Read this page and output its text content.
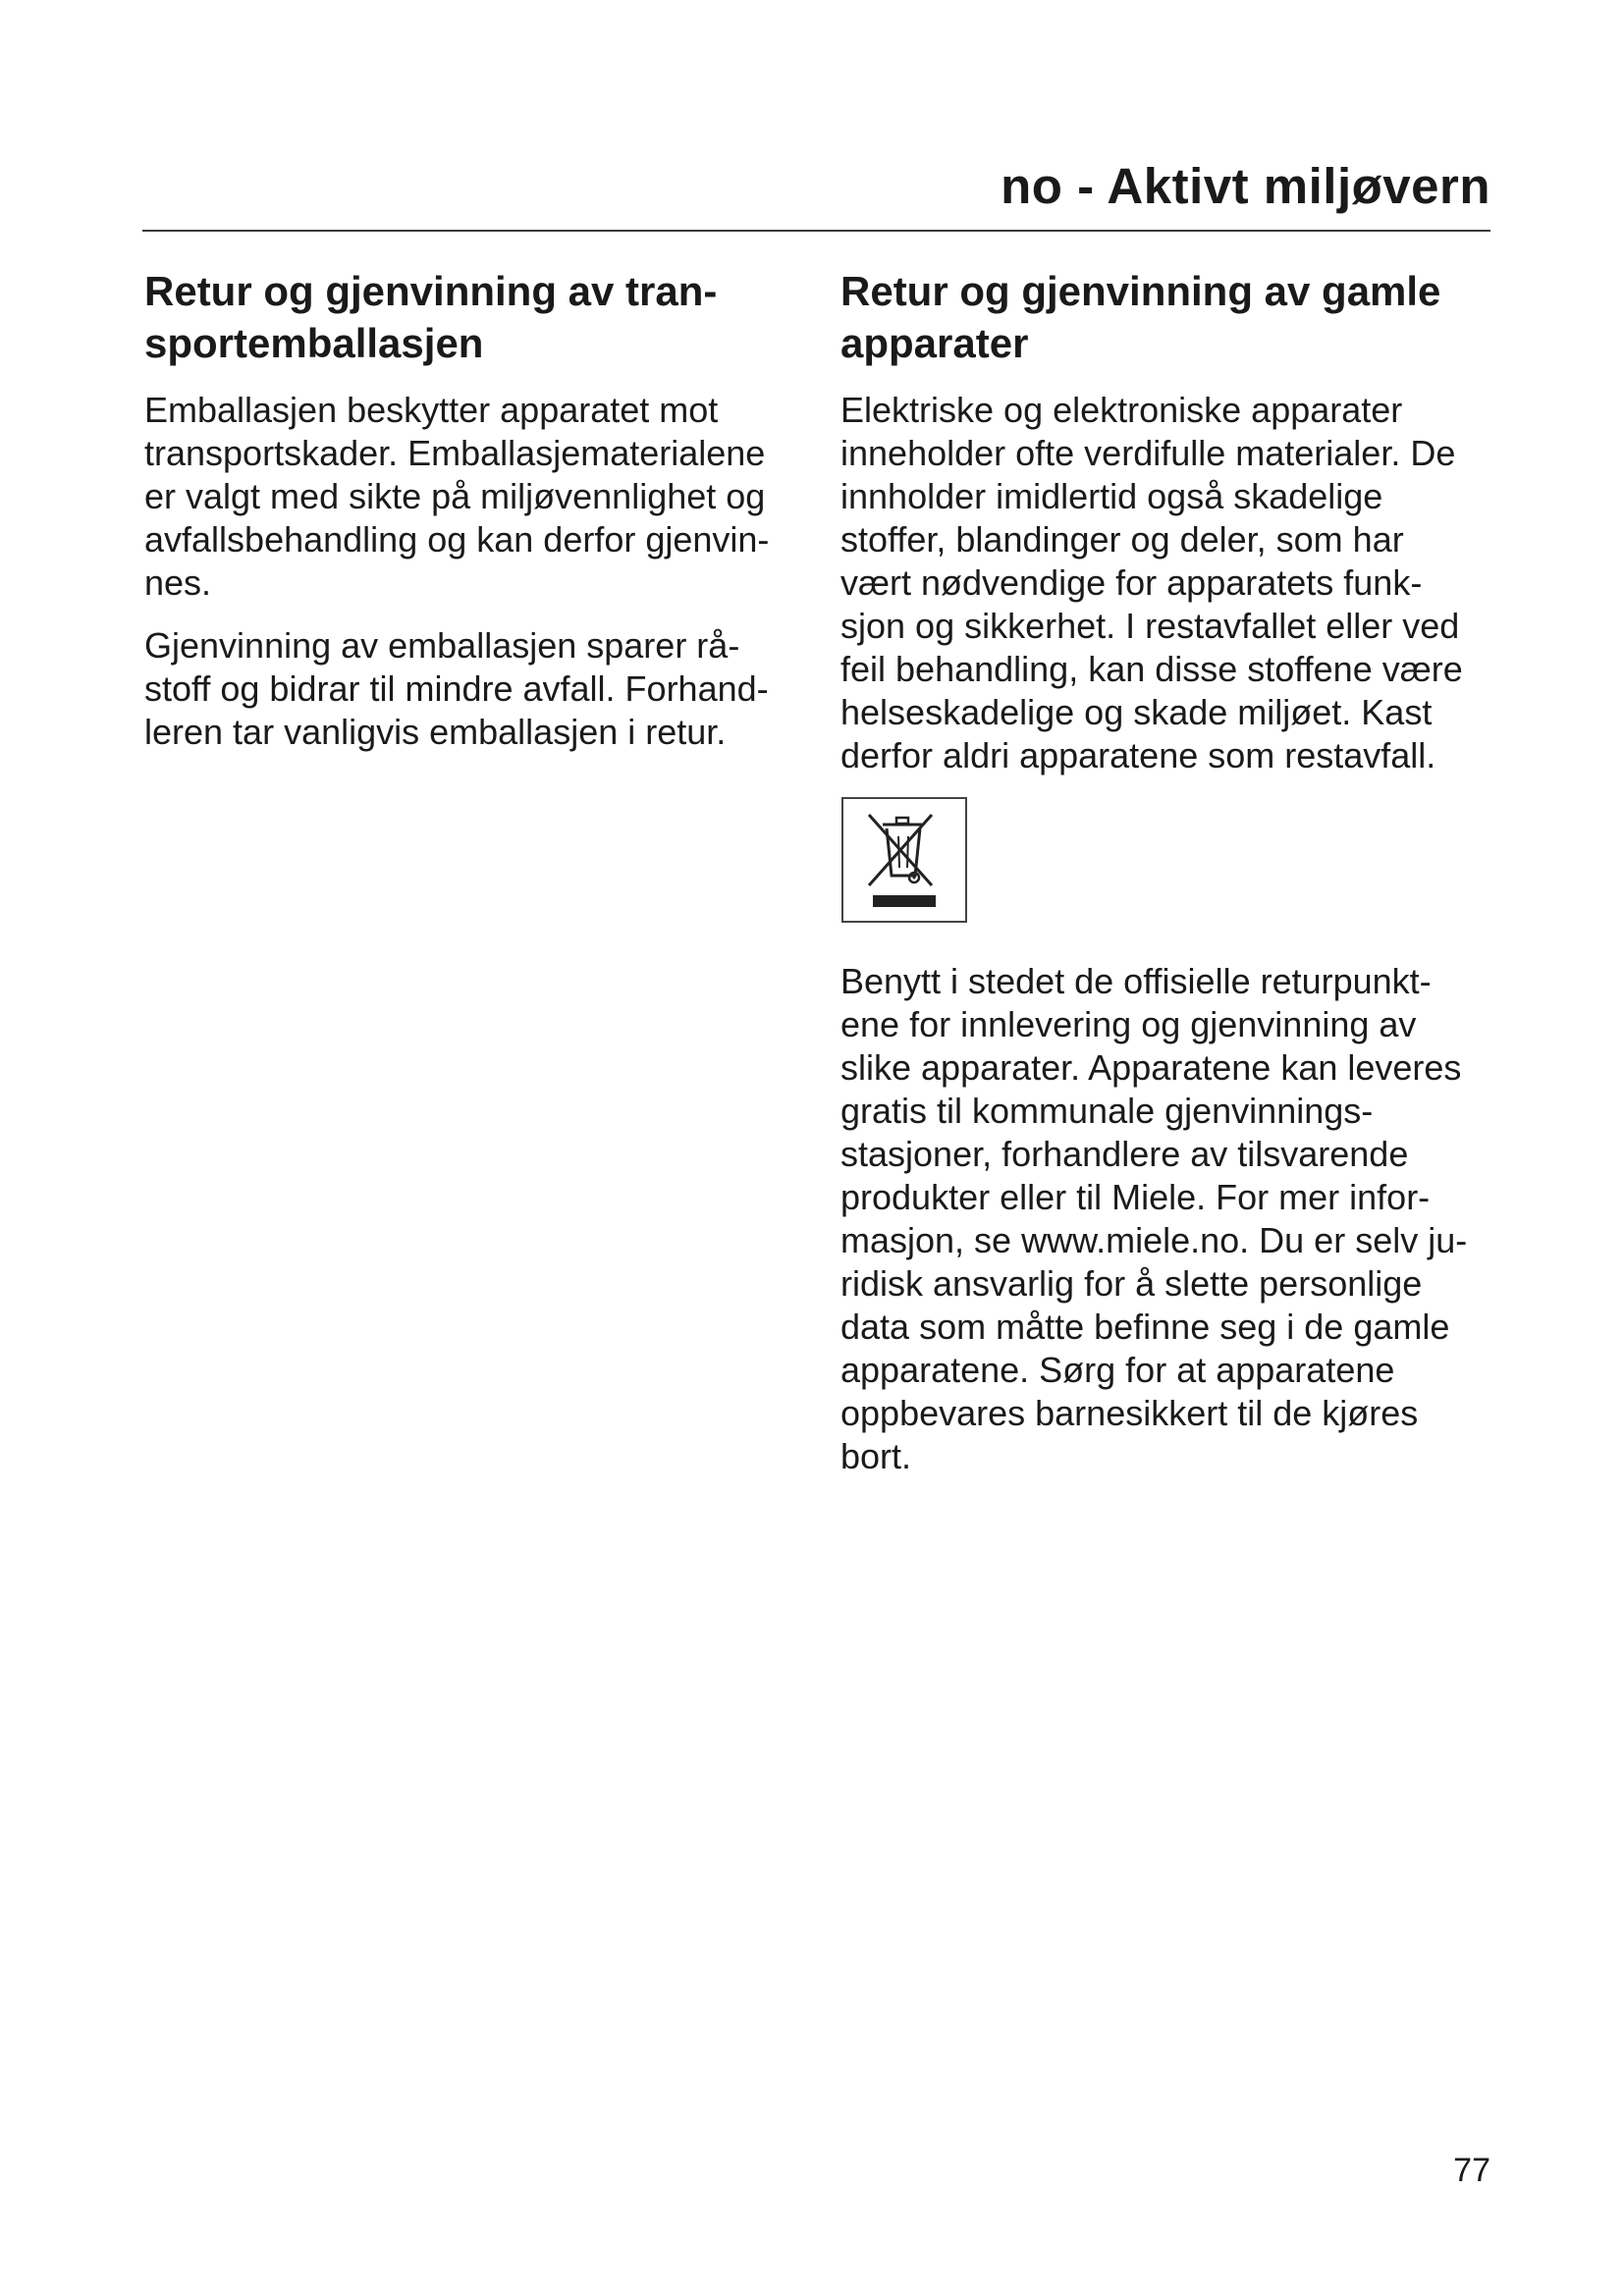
no - Aktivt miljøvern
Retur og gjenvinning av tran-
sportemballasjen

Emballasjen beskytter apparatet mot
transportskader. Emballasjematerialene
er valgt med sikte på miljøvennlighet og
avfallsbehandling og kan derfor gjenvin-
nes.

Gjenvinning av emballasjen sparer rå-
stoff og bidrar til mindre avfall. Forhand-
leren tar vanligvis emballasjen i retur.

Retur og gjenvinning av gamle
apparater

Elektriske og elektroniske apparater
inneholder ofte verdifulle materialer. De
innholder imidlertid også skadelige
stoffer, blandinger og deler, som har
vært nødvendige for apparatets funk-
sjon og sikkerhet. I restavfallet eller ved
feil behandling, kan disse stoffene være
helseskadelige og skade miljøet. Kast
derfor aldri apparatene som restavfall.

Benytt i stedet de offisielle returpunkt-
ene for innlevering og gjenvinning av
slike apparater. Apparatene kan leveres
gratis til kommunale gjenvinnings-
stasjoner, forhandlere av tilsvarende
produkter eller til Miele. For mer infor-
masjon, se www.miele.no. Du er selv ju-
ridisk ansvarlig for å slette personlige
data som måtte befinne seg i de gamle
apparatene. Sørg for at apparatene
oppbevares barnesikkert til de kjøres
bort.

77
